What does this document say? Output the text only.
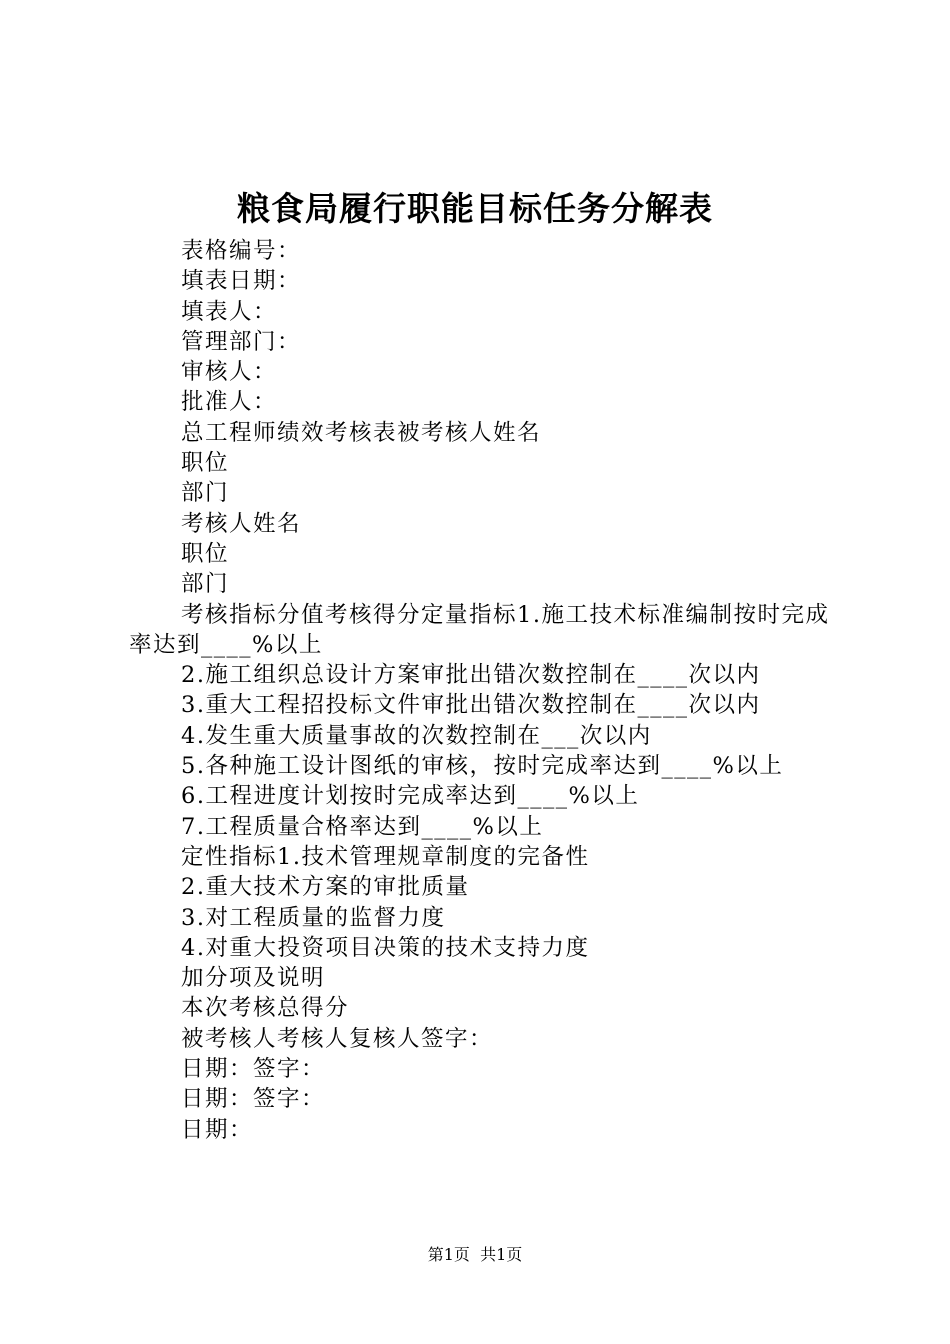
粮食局履行职能目标任务分解表
表格编号：
填表日期：
填表人：
管理部门：
审核人：
批准人：
总工程师绩效考核表被考核人姓名
职位
部门
考核人姓名
职位
部门
考核指标分值考核得分定量指标1.施工技术标准编制按时完成率达到____%以上
2.施工组织总设计方案审批出错次数控制在____次以内
3.重大工程招投标文件审批出错次数控制在____次以内
4.发生重大质量事故的次数控制在___次以内
5.各种施工设计图纸的审核，按时完成率达到____%以上
6.工程进度计划按时完成率达到____%以上
7.工程质量合格率达到____%以上
定性指标1.技术管理规章制度的完备性
2.重大技术方案的审批质量
3.对工程质量的监督力度
4.对重大投资项目决策的技术支持力度
加分项及说明
本次考核总得分
被考核人考核人复核人签字：
日期：签字：
日期：签字：
日期：
第1页  共1页
